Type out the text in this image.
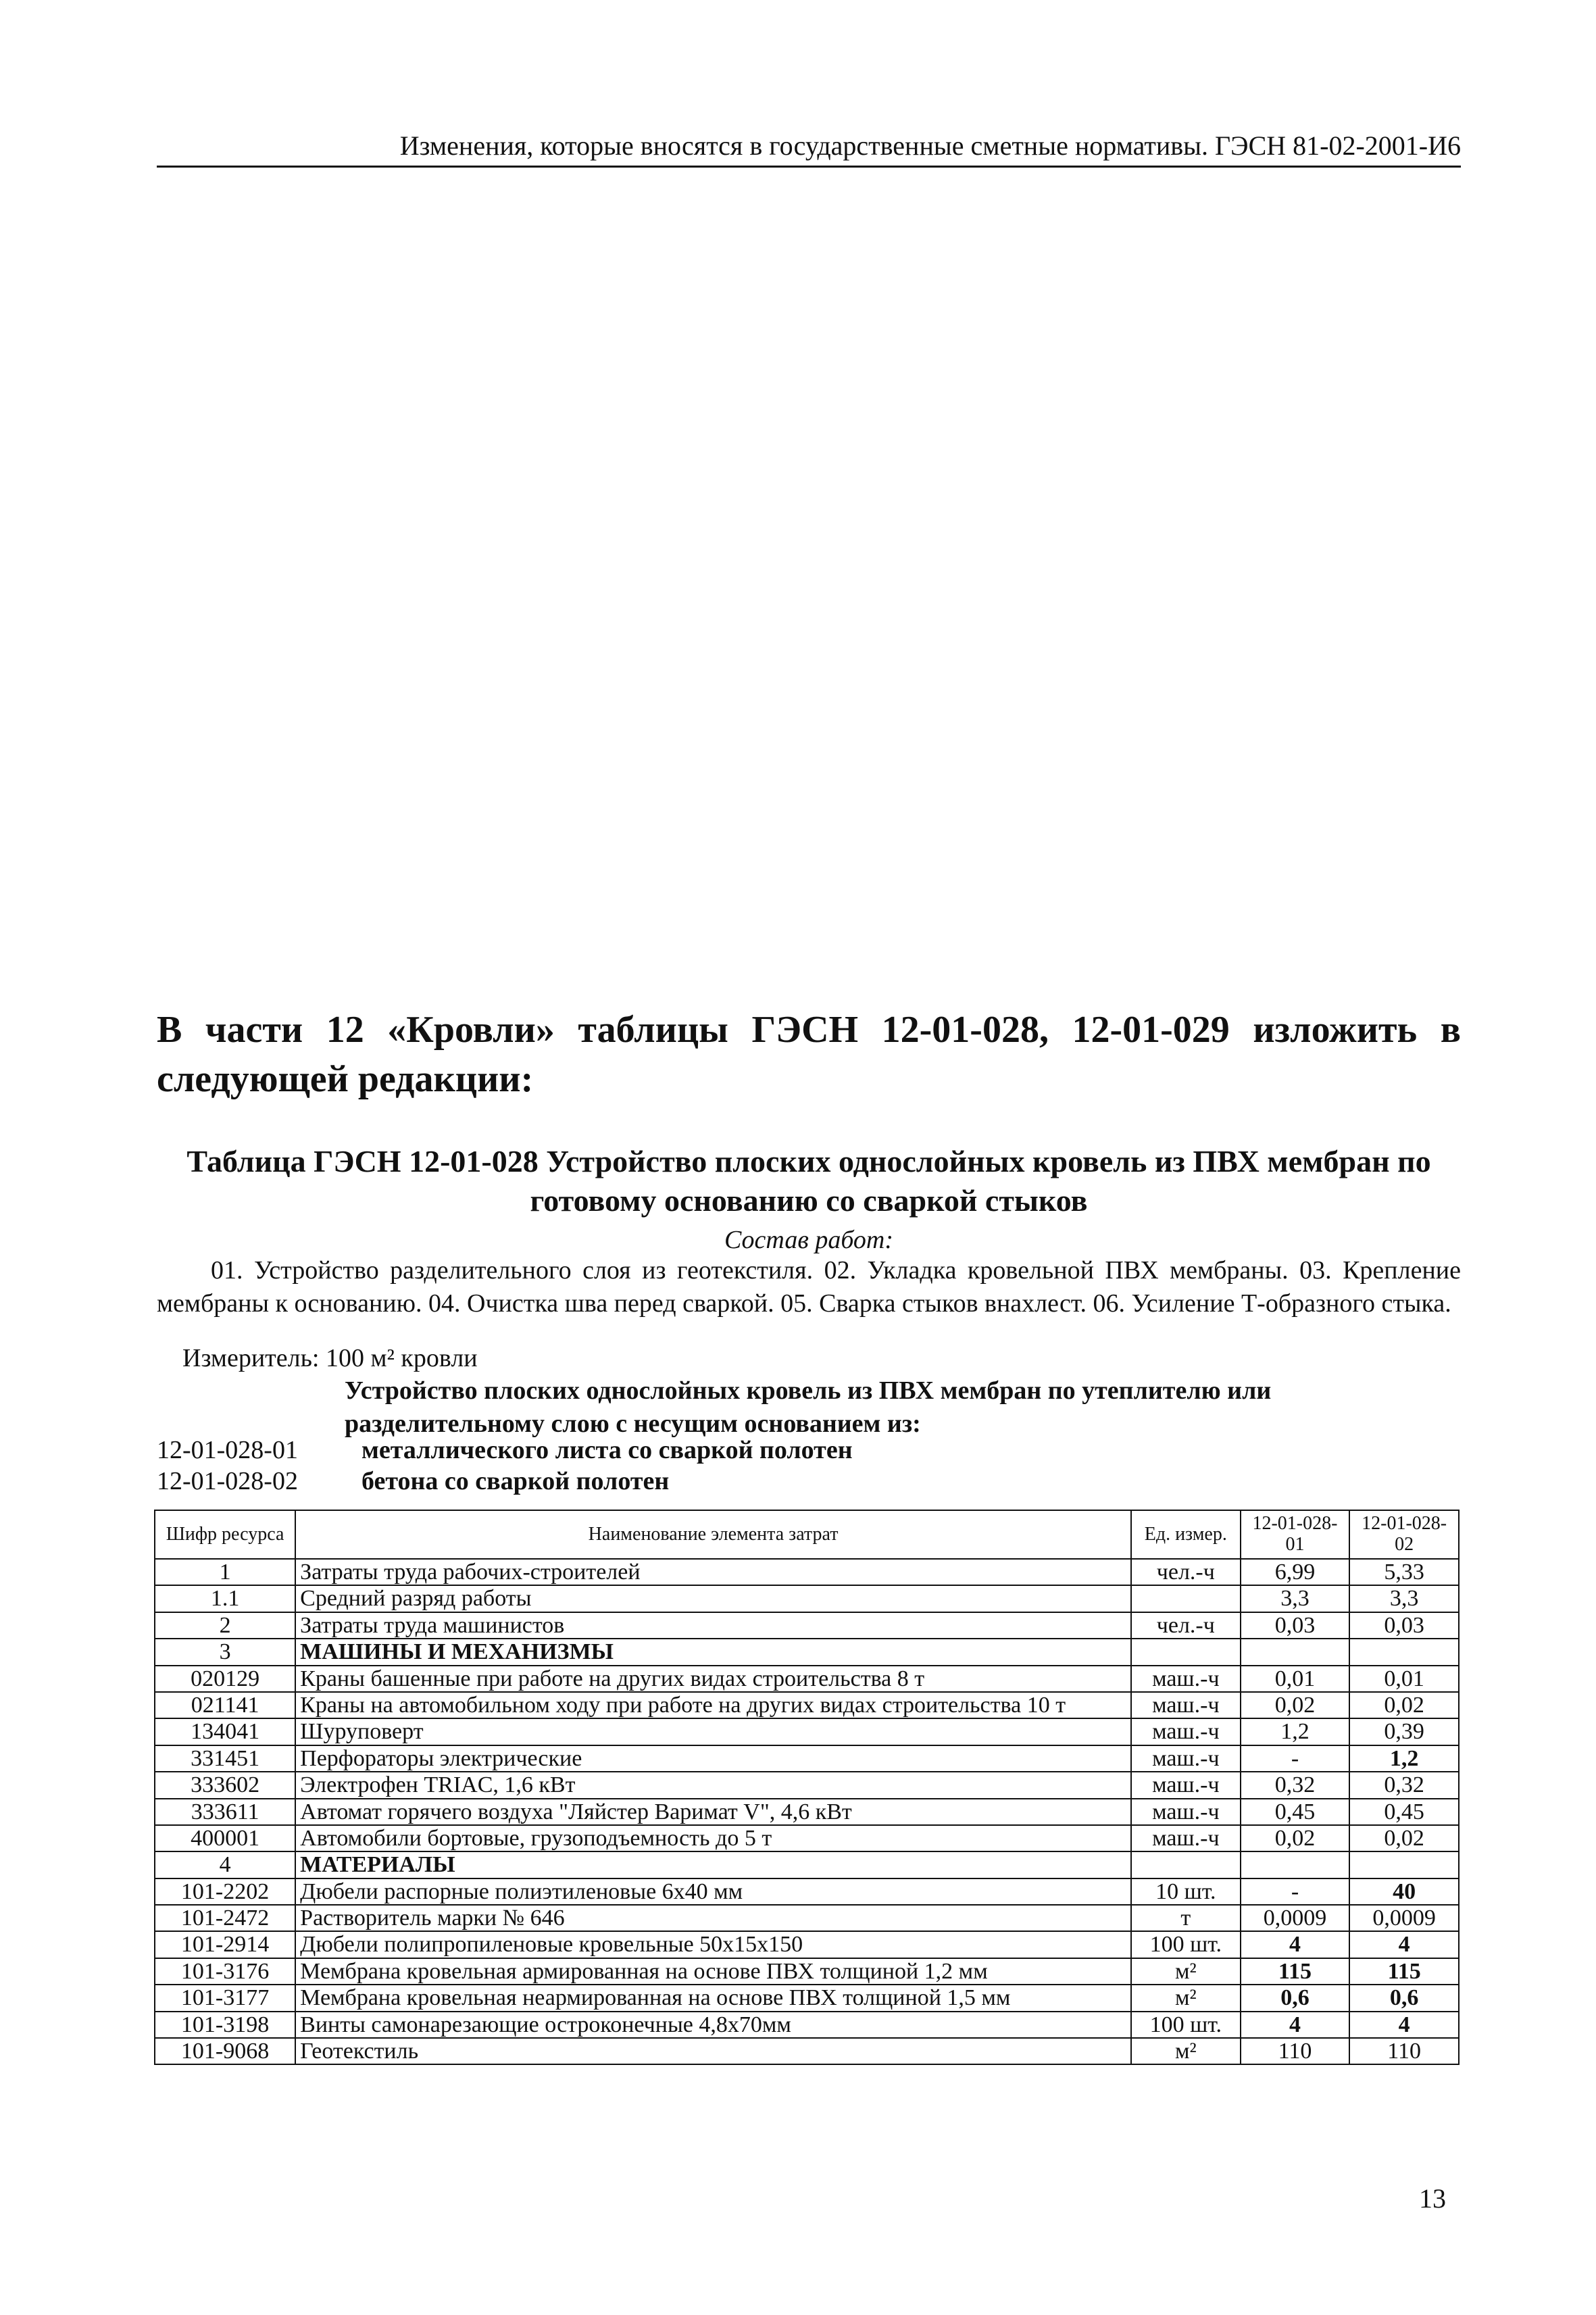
Изменения, которые вносятся в государственные сметные нормативы. ГЭСН 81-02-2001-И6
В части 12 «Кровли» таблицы ГЭСН 12-01-028, 12-01-029 изложить в следующей редакции:
Таблица ГЭСН 12-01-028 Устройство плоских однослойных кровель из ПВХ мембран по готовому основанию со сваркой стыков
Состав работ:
01. Устройство разделительного слоя из геотекстиля. 02. Укладка кровельной ПВХ мембраны. 03. Крепление мембраны к основанию. 04. Очистка шва перед сваркой. 05. Сварка стыков внахлест. 06. Усиление Т-образного стыка.
Измеритель: 100 м² кровли
Устройство плоских однослойных кровель из ПВХ мембран по утеплителю или разделительному слою с несущим основанием из:
12-01-028-01 металлического листа со сваркой полотен
12-01-028-02 бетона со сваркой полотен
Шифр ресурса	Наименование элемента затрат	Ед. измер.	12-01-028-01	12-01-028-02
1	Затраты труда рабочих-строителей	чел.-ч	6,99	5,33
1.1	Средний разряд работы		3,3	3,3
2	Затраты труда машинистов	чел.-ч	0,03	0,03
3	МАШИНЫ И МЕХАНИЗМЫ			
020129	Краны башенные при работе на других видах строительства 8 т	маш.-ч	0,01	0,01
021141	Краны на автомобильном ходу при работе на других видах строительства 10 т	маш.-ч	0,02	0,02
134041	Шуруповерт	маш.-ч	1,2	0,39
331451	Перфораторы электрические	маш.-ч	-	1,2
333602	Электрофен TRIAC, 1,6 кВт	маш.-ч	0,32	0,32
333611	Автомат горячего воздуха "Ляйстер Варимат V", 4,6 кВт	маш.-ч	0,45	0,45
400001	Автомобили бортовые, грузоподъемность до 5 т	маш.-ч	0,02	0,02
4	МАТЕРИАЛЫ			
101-2202	Дюбели распорные полиэтиленовые 6х40 мм	10 шт.	-	40
101-2472	Растворитель марки № 646	т	0,0009	0,0009
101-2914	Дюбели полипропиленовые кровельные 50х15х150	100 шт.	4	4
101-3176	Мембрана кровельная армированная на основе ПВХ толщиной 1,2 мм	м²	115	115
101-3177	Мембрана кровельная неармированная на основе ПВХ толщиной 1,5 мм	м²	0,6	0,6
101-3198	Винты самонарезающие остроконечные 4,8х70мм	100 шт.	4	4
101-9068	Геотекстиль	м²	110	110
13
